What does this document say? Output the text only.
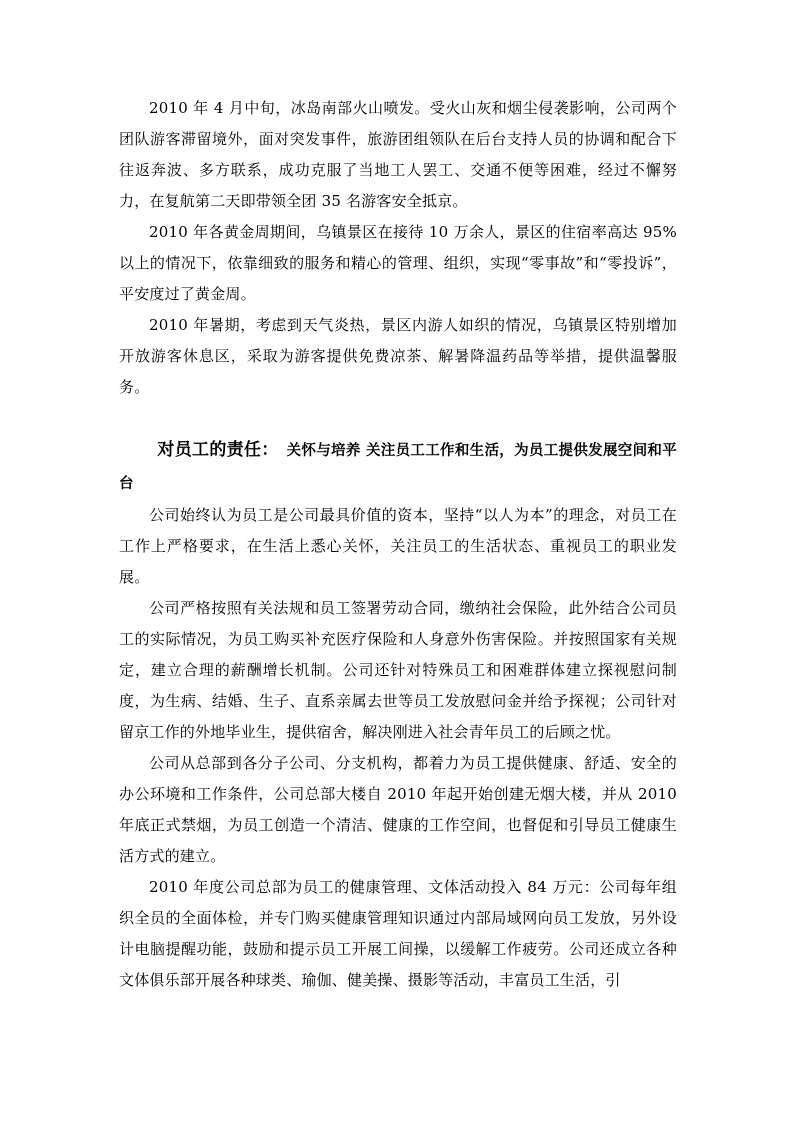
2010 年 4 月中旬，冰岛南部火山喷发。受火山灰和烟尘侵袭影响，公司两个团队游客滞留境外，面对突发事件，旅游团组领队在后台支持人员的协调和配合下往返奔波、多方联系，成功克服了当地工人罢工、交通不便等困难，经过不懈努力，在复航第二天即带领全团 35 名游客安全抵京。

2010 年各黄金周期间，乌镇景区在接待 10 万余人，景区的住宿率高达 95%以上的情况下，依靠细致的服务和精心的管理、组织，实现“零事故”和“零投诉”，平安度过了黄金周。

2010 年暑期，考虑到天气炎热，景区内游人如织的情况，乌镇景区特别增加开放游客休息区，采取为游客提供免费凉茶、解暑降温药品等举措，提供温馨服务。

对员工的责任： 关怀与培养 关注员工工作和生活，为员工提供发展空间和平台

公司始终认为员工是公司最具价值的资本，坚持“以人为本”的理念，对员工在工作上严格要求，在生活上悉心关怀，关注员工的生活状态、重视员工的职业发展。

公司严格按照有关法规和员工签署劳动合同，缴纳社会保险，此外结合公司员工的实际情况，为员工购买补充医疗保险和人身意外伤害保险。并按照国家有关规定，建立合理的薪酬增长机制。公司还针对特殊员工和困难群体建立探视慰问制度，为生病、结婚、生子、直系亲属去世等员工发放慰问金并给予探视；公司针对留京工作的外地毕业生，提供宿舍，解决刚进入社会青年员工的后顾之忧。

公司从总部到各分子公司、分支机构，都着力为员工提供健康、舒适、安全的办公环境和工作条件，公司总部大楼自 2010 年起开始创建无烟大楼，并从 2010 年底正式禁烟，为员工创造一个清洁、健康的工作空间，也督促和引导员工健康生活方式的建立。

2010 年度公司总部为员工的健康管理、文体活动投入 84 万元：公司每年组织全员的全面体检，并专门购买健康管理知识通过内部局域网向员工发放，另外设计电脑提醒功能，鼓励和提示员工开展工间操，以缓解工作疲劳。公司还成立各种文体俱乐部开展各种球类、瑜伽、健美操、摄影等活动，丰富员工生活，引
